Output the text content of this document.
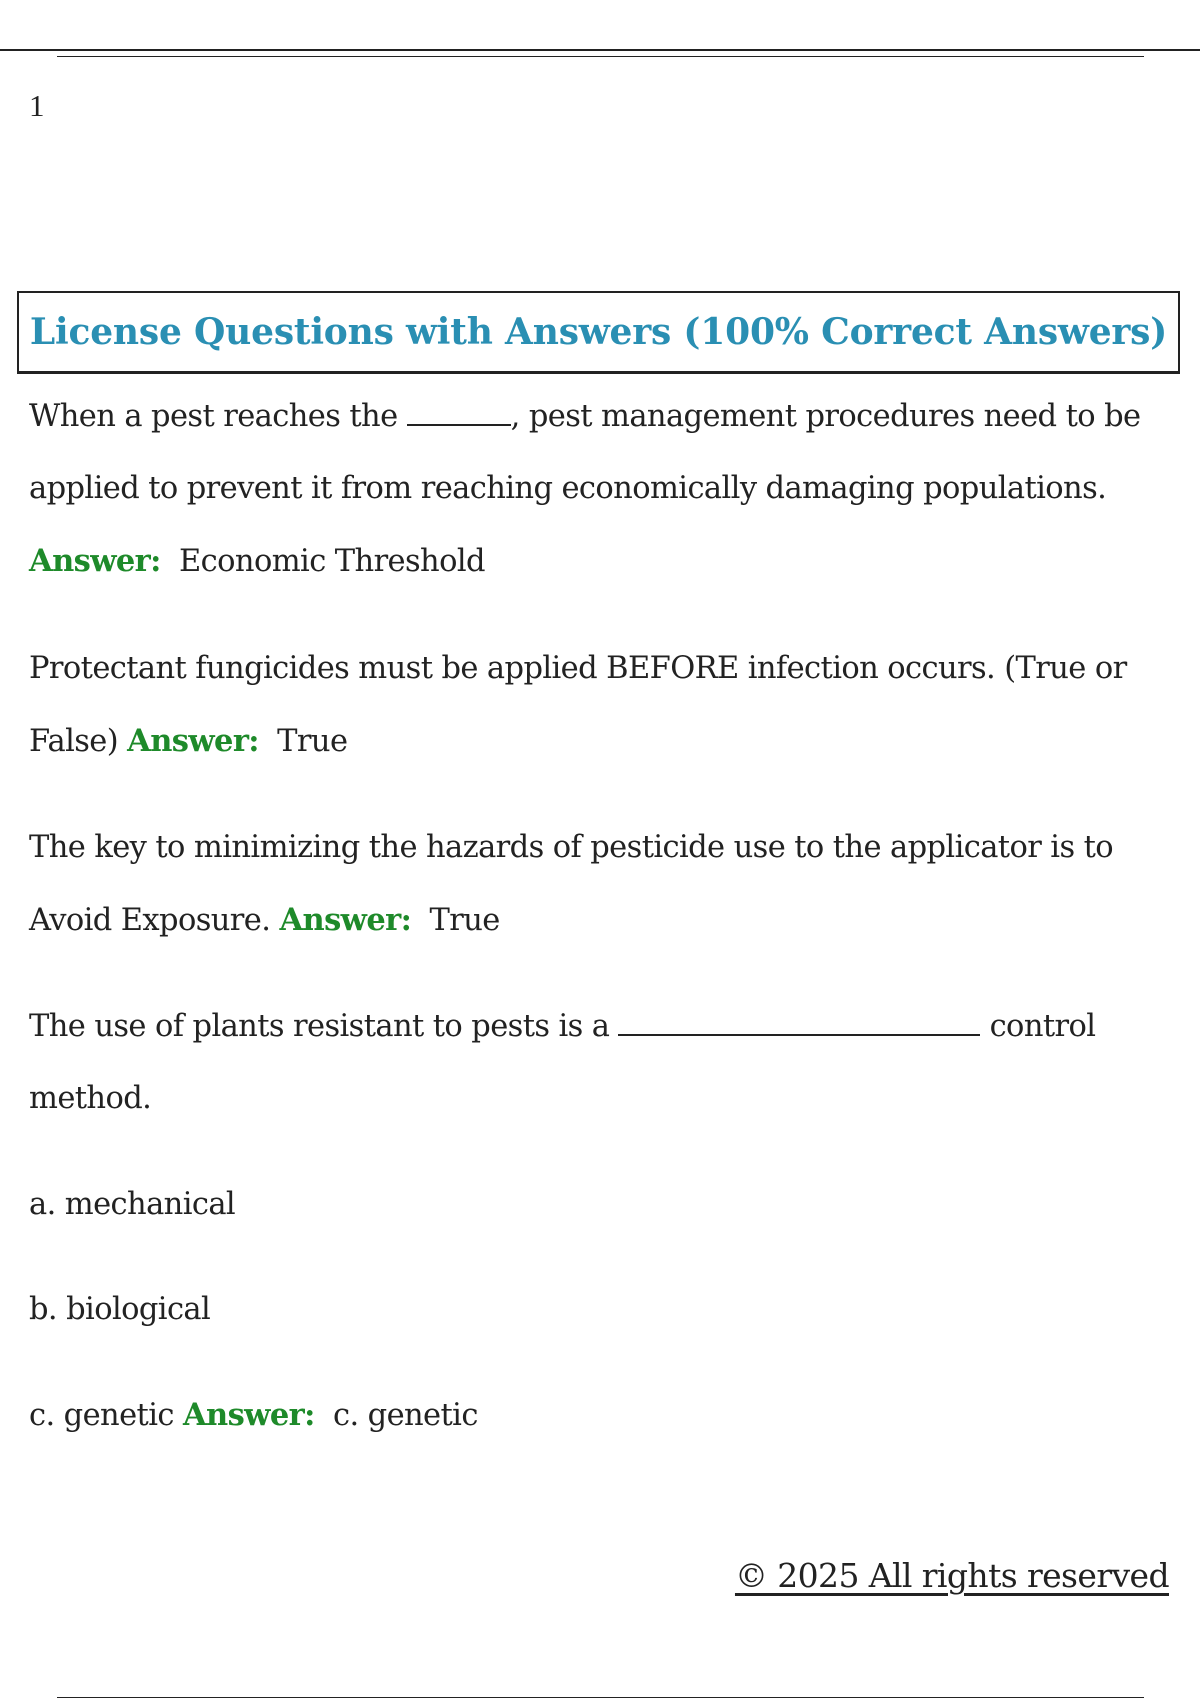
1
License Questions with Answers (100% Correct Answers)
When a pest reaches the	, pest management procedures need to be applied to prevent it from reaching economically damaging populations. Answer: Economic Threshold
Protectant fungicides must be applied BEFORE infection occurs. (True or False) Answer: True
The key to minimizing the hazards of pesticide use to the applicator is to Avoid Exposure. Answer: True
The use of plants resistant to pests is a	control method.
a. mechanical
b. biological
c. genetic Answer: c. genetic
© 2025 All rights reserved
